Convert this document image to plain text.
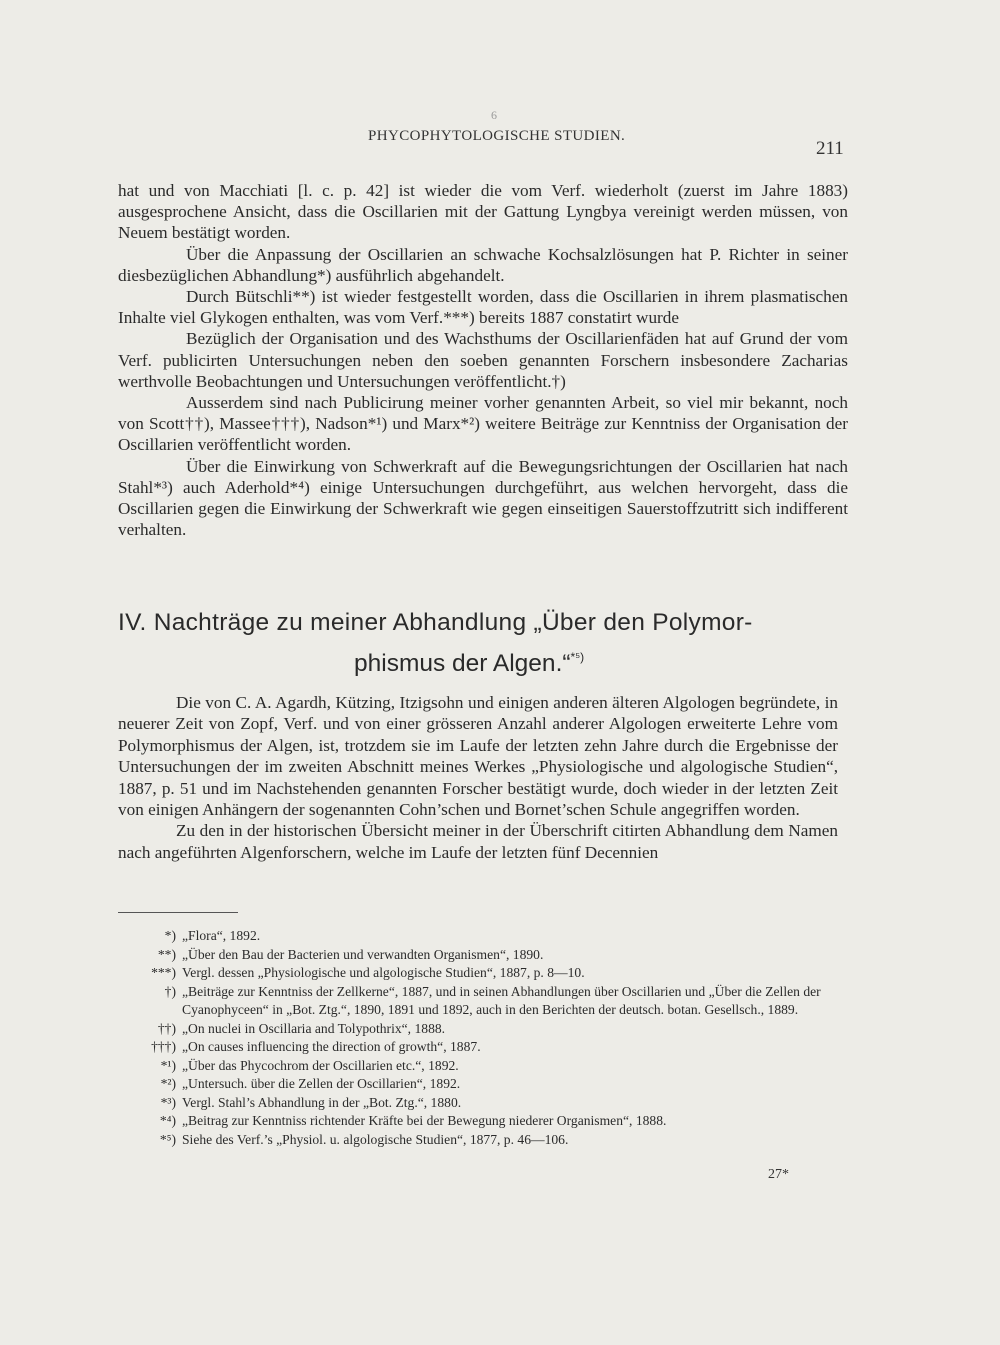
6
PHYCOPHYTOLOGISCHE STUDIEN.
211

hat und von Macchiati [l. c. p. 42] ist wieder die vom Verf. wiederholt (zuerst im Jahre 1883) ausgesprochene Ansicht, dass die Oscillarien mit der Gattung Lyngbya vereinigt werden müssen, von Neuem bestätigt worden.

Über die Anpassung der Oscillarien an schwache Kochsalzlösungen hat P. Richter in seiner diesbezüglichen Abhandlung*) ausführlich abgehandelt.

Durch Bütschli**) ist wieder festgestellt worden, dass die Oscillarien in ihrem plasmatischen Inhalte viel Glykogen enthalten, was vom Verf.***) bereits 1887 constatirt wurde

Bezüglich der Organisation und des Wachsthums der Oscillarienfäden hat auf Grund der vom Verf. publicirten Untersuchungen neben den soeben genannten Forschern insbesondere Zacharias werthvolle Beobachtungen und Untersuchungen veröffentlicht.†)

Ausserdem sind nach Publicirung meiner vorher genannten Arbeit, so viel mir bekannt, noch von Scott††), Massee†††), Nadson*¹) und Marx*²) weitere Beiträge zur Kenntniss der Organisation der Oscillarien veröffentlicht worden.

Über die Einwirkung von Schwerkraft auf die Bewegungsrichtungen der Oscillarien hat nach Stahl*³) auch Aderhold*⁴) einige Untersuchungen durchgeführt, aus welchen hervorgeht, dass die Oscillarien gegen die Einwirkung der Schwerkraft wie gegen einseitigen Sauerstoffzutritt sich indifferent verhalten.

IV. Nachträge zu meiner Abhandlung „Über den Polymor-
phismus der Algen.“$^{*^5)}$

Die von C. A. Agardh, Kützing, Itzigsohn und einigen anderen älteren Algologen begründete, in neuerer Zeit von Zopf, Verf. und von einer grösseren Anzahl anderer Algologen erweiterte Lehre vom Polymorphismus der Algen, ist, trotzdem sie im Laufe der letzten zehn Jahre durch die Ergebnisse der Untersuchungen der im zweiten Abschnitt meines Werkes „Physiologische und algologische Studien“, 1887, p. 51 und im Nachstehenden genannten Forscher bestätigt wurde, doch wieder in der letzten Zeit von einigen Anhängern der sogenannten Cohn’schen und Bornet’schen Schule angegriffen worden.

Zu den in der historischen Übersicht meiner in der Überschrift citirten Abhandlung dem Namen nach angeführten Algenforschern, welche im Laufe der letzten fünf Decennien

*) „Flora“, 1892.
**) „Über den Bau der Bacterien und verwandten Organismen“, 1890.
***) Vergl. dessen „Physiologische und algologische Studien“, 1887, p. 8—10.
†) „Beiträge zur Kenntniss der Zellkerne“, 1887, und in seinen Abhandlungen über Oscillarien und „Über die Zellen der Cyanophyceen“ in „Bot. Ztg.“, 1890, 1891 und 1892, auch in den Berichten der deutsch. botan. Gesellsch., 1889.
††) „On nuclei in Oscillaria and Tolypothrix“, 1888.
†††) „On causes influencing the direction of growth“, 1887.
*¹) „Über das Phycochrom der Oscillarien etc.“, 1892.
*²) „Untersuch. über die Zellen der Oscillarien“, 1892.
*³) Vergl. Stahl’s Abhandlung in der „Bot. Ztg.“, 1880.
*⁴) „Beitrag zur Kenntniss richtender Kräfte bei der Bewegung niederer Organismen“, 1888.
*⁵) Siehe des Verf.’s „Physiol. u. algologische Studien“, 1877, p. 46—106.
27*
